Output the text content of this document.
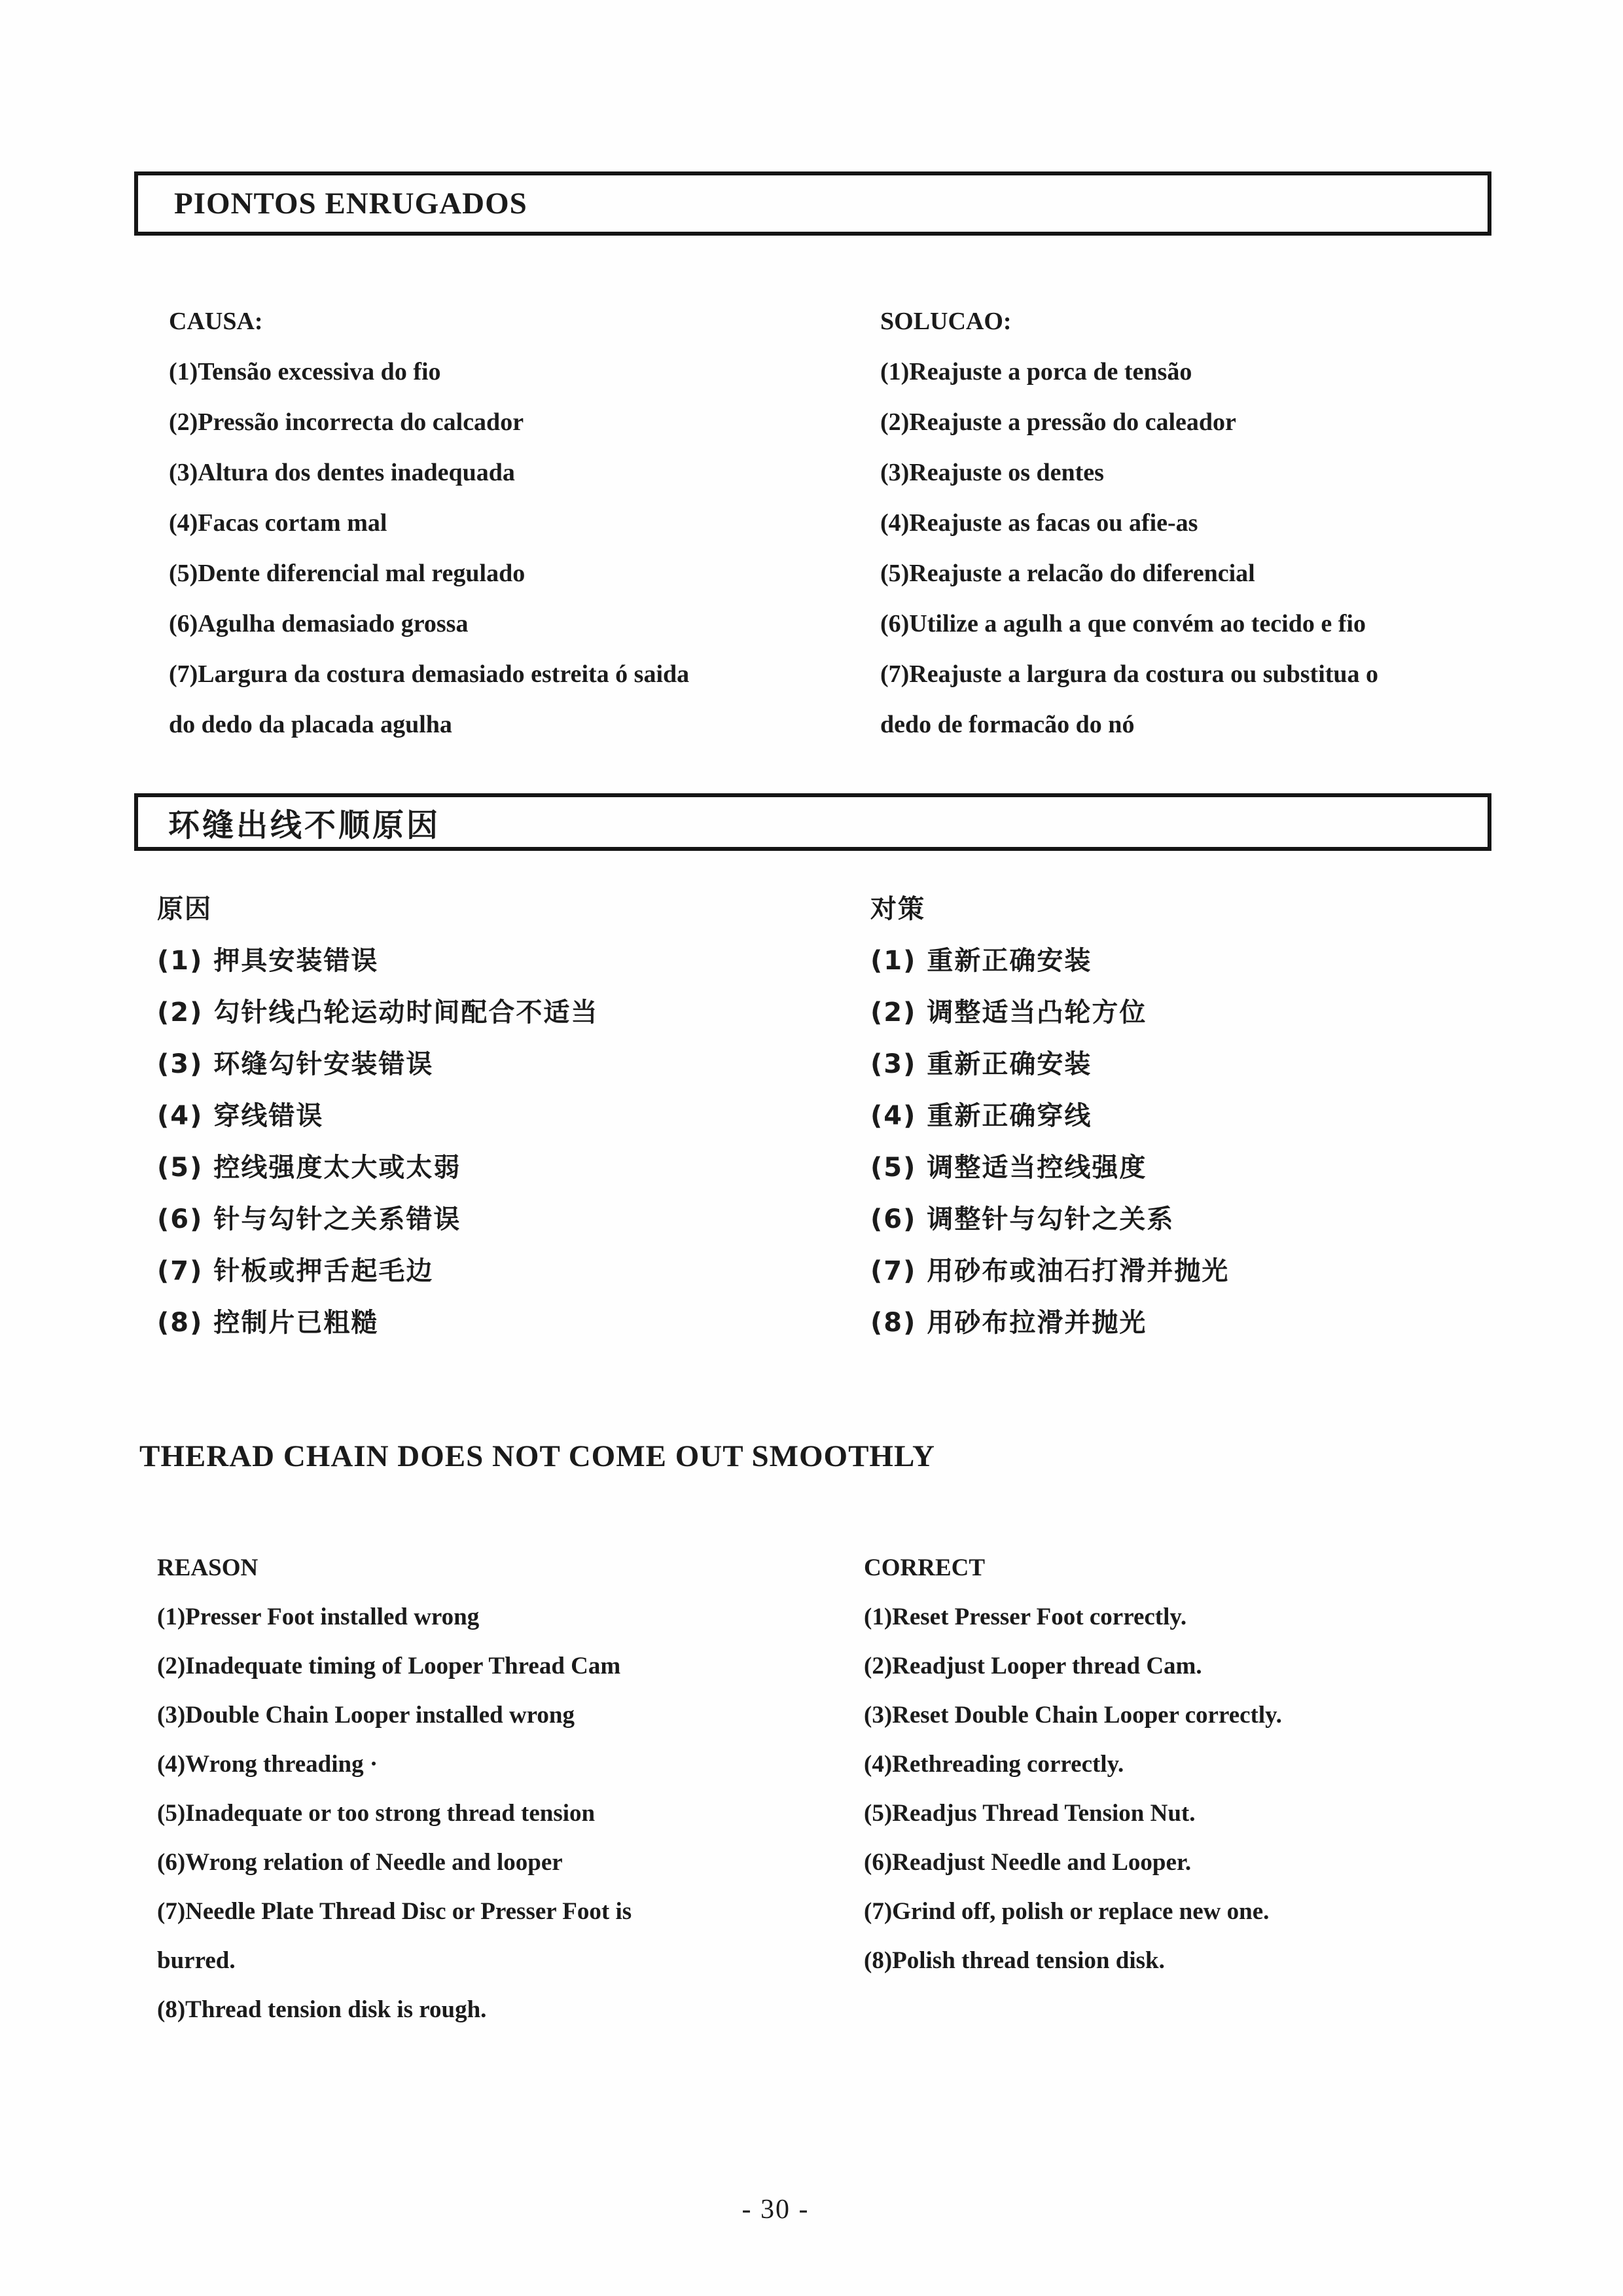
PIONTOS ENRUGADOS
CAUSA:
(1)Tensão excessiva do fio
(2)Pressão incorrecta do calcador
(3)Altura dos dentes inadequada
(4)Facas cortam mal
(5)Dente diferencial mal regulado
(6)Agulha demasiado grossa
(7)Largura da costura demasiado estreita ó saida
do dedo da placada agulha
SOLUCAO:
(1)Reajuste a porca de tensão
(2)Reajuste a pressão do caleador
(3)Reajuste os dentes
(4)Reajuste as facas ou afie-as
(5)Reajuste a relacão do diferencial
(6)Utilize a agulh a que convém ao tecido e fio
(7)Reajuste a largura da costura ou substitua o
dedo de formacão do nó
环缝出线不顺原因
原因
(1) 押具安装错误
(2) 勾针线凸轮运动时间配合不适当
(3) 环缝勾针安装错误
(4) 穿线错误
(5) 控线强度太大或太弱
(6) 针与勾针之关系错误
(7) 针板或押舌起毛边
(8) 控制片已粗糙
对策
(1) 重新正确安装
(2) 调整适当凸轮方位
(3) 重新正确安装
(4) 重新正确穿线
(5) 调整适当控线强度
(6) 调整针与勾针之关系
(7) 用砂布或油石打滑并抛光
(8) 用砂布拉滑并抛光
THERAD CHAIN DOES NOT COME OUT SMOOTHLY
REASON
(1)Presser Foot installed wrong
(2)Inadequate timing of Looper Thread Cam
(3)Double Chain Looper installed wrong
(4)Wrong threading ·
(5)Inadequate or too strong thread tension
(6)Wrong relation of Needle and looper
(7)Needle Plate Thread Disc or Presser Foot is
burred.
(8)Thread tension disk is rough.
CORRECT
(1)Reset Presser Foot correctly.
(2)Readjust Looper thread Cam.
(3)Reset Double Chain Looper correctly.
(4)Rethreading correctly.
(5)Readjus Thread Tension Nut.
(6)Readjust Needle and Looper.
(7)Grind off, polish or replace new one.
(8)Polish thread tension disk.
- 30 -
